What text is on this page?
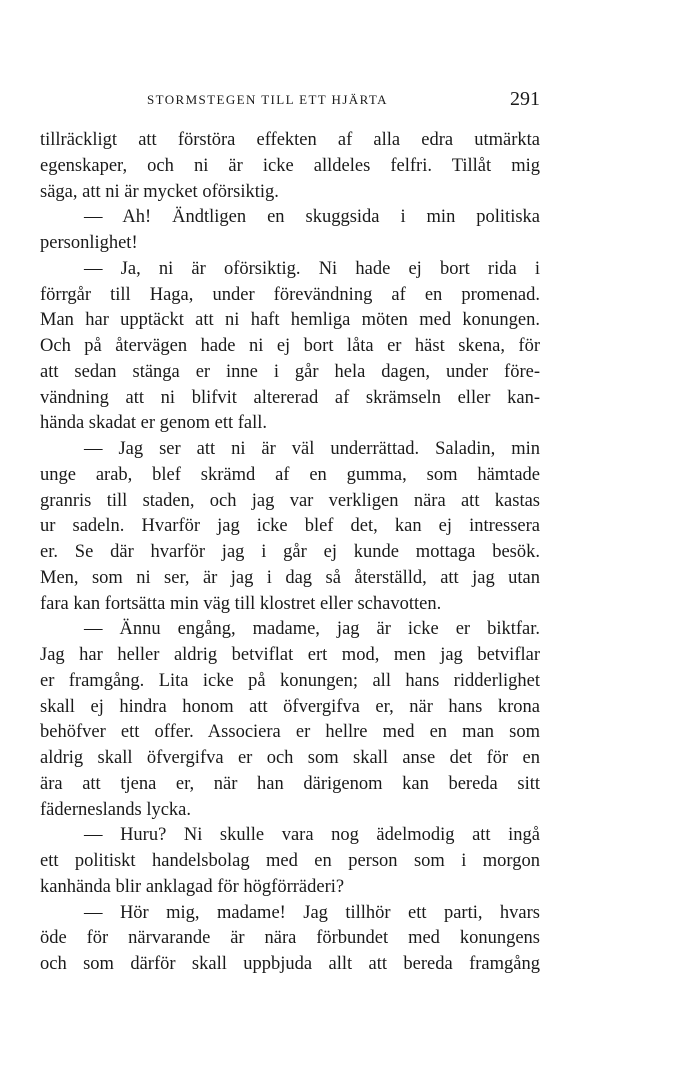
STORMSTEGEN TILL ETT HJÄRTA	291
tillräckligt att förstöra effekten af alla edra utmärkta
egenskaper, och ni är icke alldeles felfri. Tillåt mig
säga, att ni är mycket oförsiktig.
— Ah! Ändtligen en skuggsida i min politiska
personlighet!
— Ja, ni är oförsiktig. Ni hade ej bort rida i
förrgår till Haga, under förevändning af en promenad.
Man har upptäckt att ni haft hemliga möten med konungen.
Och på återvägen hade ni ej bort låta er häst skena, för
att sedan stänga er inne i går hela dagen, under före-
vändning att ni blifvit altererad af skrämseln eller kan-
hända skadat er genom ett fall.
— Jag ser att ni är väl underrättad. Saladin, min
unge arab, blef skrämd af en gumma, som hämtade
granris till staden, och jag var verkligen nära att kastas
ur sadeln. Hvarför jag icke blef det, kan ej intressera
er. Se där hvarför jag i går ej kunde mottaga besök.
Men, som ni ser, är jag i dag så återställd, att jag utan
fara kan fortsätta min väg till klostret eller schavotten.
— Ännu engång, madame, jag är icke er biktfar.
Jag har heller aldrig betviflat ert mod, men jag betviflar
er framgång. Lita icke på konungen; all hans ridderlighet
skall ej hindra honom att öfvergifva er, när hans krona
behöfver ett offer. Associera er hellre med en man som
aldrig skall öfvergifva er och som skall anse det för en
ära att tjena er, när han därigenom kan bereda sitt
fäderneslands lycka.
— Huru? Ni skulle vara nog ädelmodig att ingå
ett politiskt handelsbolag med en person som i morgon
kanhända blir anklagad för högförräderi?
— Hör mig, madame! Jag tillhör ett parti, hvars
öde för närvarande är nära förbundet med konungens
och som därför skall uppbjuda allt att bereda framgång
